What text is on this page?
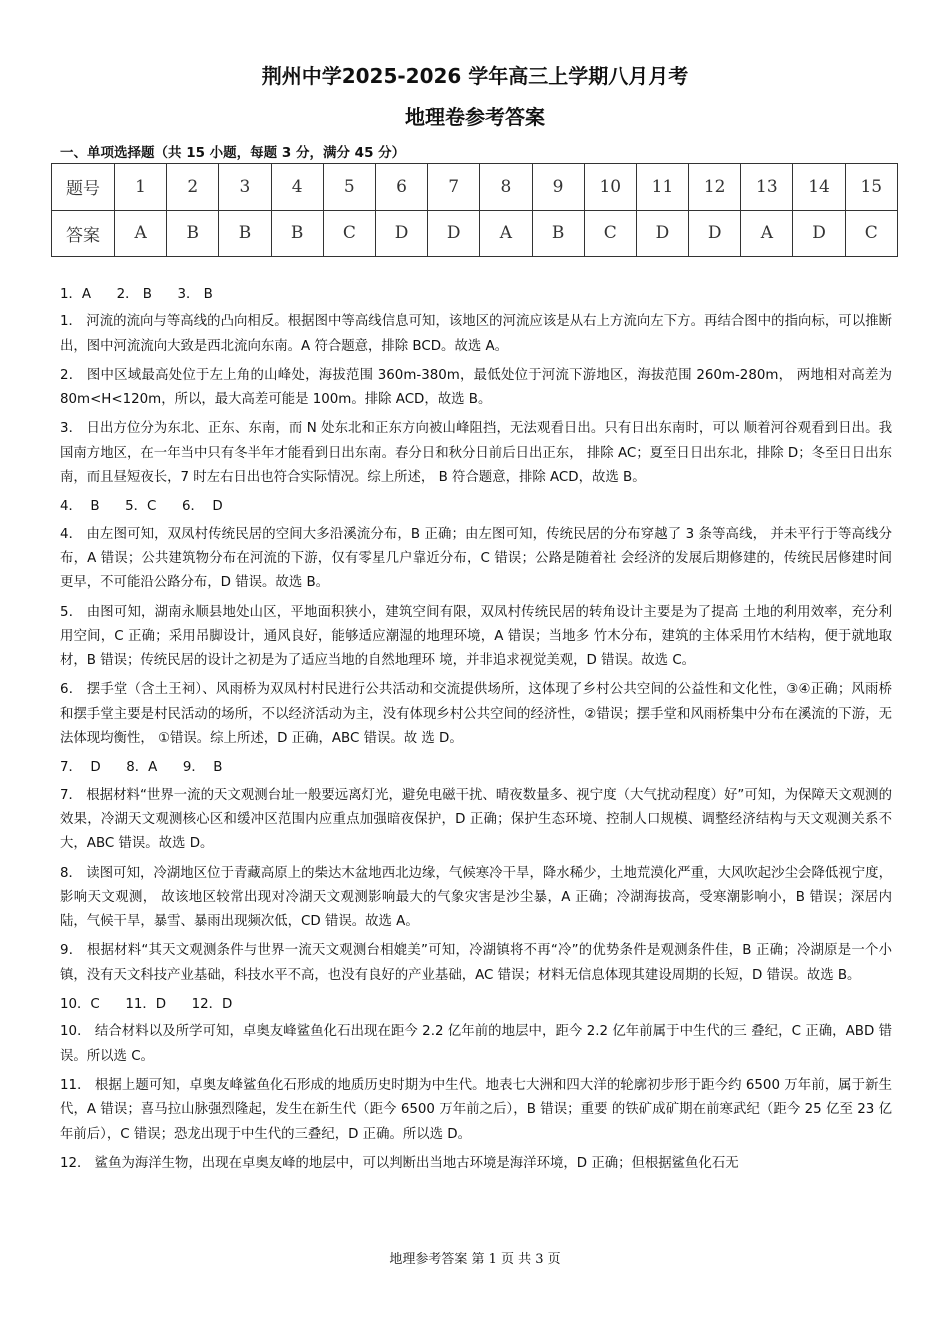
荆州中学2025-2026 学年高三上学期八月月考
地理卷参考答案
一、单项选择题（共 15 小题，每题 3 分，满分 45 分）
题号	1	2	3	4	5	6	7	8	9	10	11	12	13	14	15
答案	A	B	B	B	C	D	D	A	B	C	D	D	A	D	C

1．A      2． B      3． B

1． 河流的流向与等高线的凸向相反。根据图中等高线信息可知，该地区的河流应该是从右上方流向左下方。再结合图中的指向标，可以推断出，图中河流流向大致是西北流向东南。A 符合题意，排除 BCD。故选 A。

2． 图中区域最高处位于左上角的山峰处，海拔范围 360m-380m，最低处位于河流下游地区，海拔范围 260m-280m， 两地相对高差为 80m<H<120m，所以，最大高差可能是 100m。排除 ACD，故选 B。

3． 日出方位分为东北、正东、东南，而 N 处东北和正东方向被山峰阻挡，无法观看日出。只有日出东南时，可以 顺着河谷观看到日出。我国南方地区，在一年当中只有冬半年才能看到日出东南。春分日和秋分日前后日出正东， 排除 AC；夏至日日出东北，排除 D；冬至日日出东南，而且昼短夜长，7 时左右日出也符合实际情况。综上所述， B 符合题意，排除 ACD，故选 B。

4．  B      5．C      6．  D

4． 由左图可知，双凤村传统民居的空间大多沿溪流分布，B 正确；由左图可知，传统民居的分布穿越了 3 条等高线， 并未平行于等高线分布，A 错误；公共建筑物分布在河流的下游，仅有零星几户靠近分布，C 错误；公路是随着社 会经济的发展后期修建的，传统民居修建时间更早，不可能沿公路分布，D 错误。故选 B。

5． 由图可知，湖南永顺县地处山区，平地面积狭小，建筑空间有限，双凤村传统民居的转角设计主要是为了提高 土地的利用效率，充分利用空间，C 正确；采用吊脚设计，通风良好，能够适应潮湿的地理环境，A 错误；当地多 竹木分布，建筑的主体采用竹木结构，便于就地取材，B 错误；传统民居的设计之初是为了适应当地的自然地理环 境，并非追求视觉美观，D 错误。故选 C。

6． 摆手堂（含土王祠）、风雨桥为双凤村村民进行公共活动和交流提供场所，这体现了乡村公共空间的公益性和文化性，③④正确；风雨桥和摆手堂主要是村民活动的场所，不以经济活动为主，没有体现乡村公共空间的经济性，②错误；摆手堂和风雨桥集中分布在溪流的下游，无法体现均衡性， ①错误。综上所述，D 正确，ABC 错误。故 选 D。

7．  D      8．A      9．  B

7． 根据材料“世界一流的天文观测台址一般要远离灯光，避免电磁干扰、晴夜数量多、视宁度（大气扰动程度）好”可知，为保障天文观测的效果，冷湖天文观测核心区和缓冲区范围内应重点加强暗夜保护，D 正确；保护生态环境、控制人口规模、调整经济结构与天文观测关系不大，ABC 错误。故选 D。

8． 读图可知，冷湖地区位于青藏高原上的柴达木盆地西北边缘，气候寒冷干旱，降水稀少，土地荒漠化严重，大风吹起沙尘会降低视宁度，影响天文观测， 故该地区较常出现对冷湖天文观测影响最大的气象灾害是沙尘暴，A 正确；冷湖海拔高，受寒潮影响小，B 错误；深居内陆，气候干旱，暴雪、暴雨出现频次低，CD 错误。故选 A。

9． 根据材料“其天文观测条件与世界一流天文观测台相媲美”可知，冷湖镇将不再“冷”的优势条件是观测条件佳，B 正确；冷湖原是一个小镇，没有天文科技产业基础，科技水平不高，也没有良好的产业基础，AC 错误；材料无信息体现其建设周期的长短，D 错误。故选 B。

10．C      11．D      12．D

10． 结合材料以及所学可知，卓奥友峰鲨鱼化石出现在距今 2.2 亿年前的地层中，距今 2.2 亿年前属于中生代的三 叠纪，C 正确，ABD 错误。所以选 C。

11． 根据上题可知，卓奥友峰鲨鱼化石形成的地质历史时期为中生代。地表七大洲和四大洋的轮廓初步形于距今约 6500 万年前，属于新生代，A 错误；喜马拉山脉强烈隆起，发生在新生代（距今 6500 万年前之后），B 错误；重要 的铁矿成矿期在前寒武纪（距今 25 亿至 23 亿年前后），C 错误；恐龙出现于中生代的三叠纪，D 正确。所以选 D。

12． 鲨鱼为海洋生物，出现在卓奥友峰的地层中，可以判断出当地古环境是海洋环境，D 正确；但根据鲨鱼化石无

地理参考答案 第 1 页 共 3 页
